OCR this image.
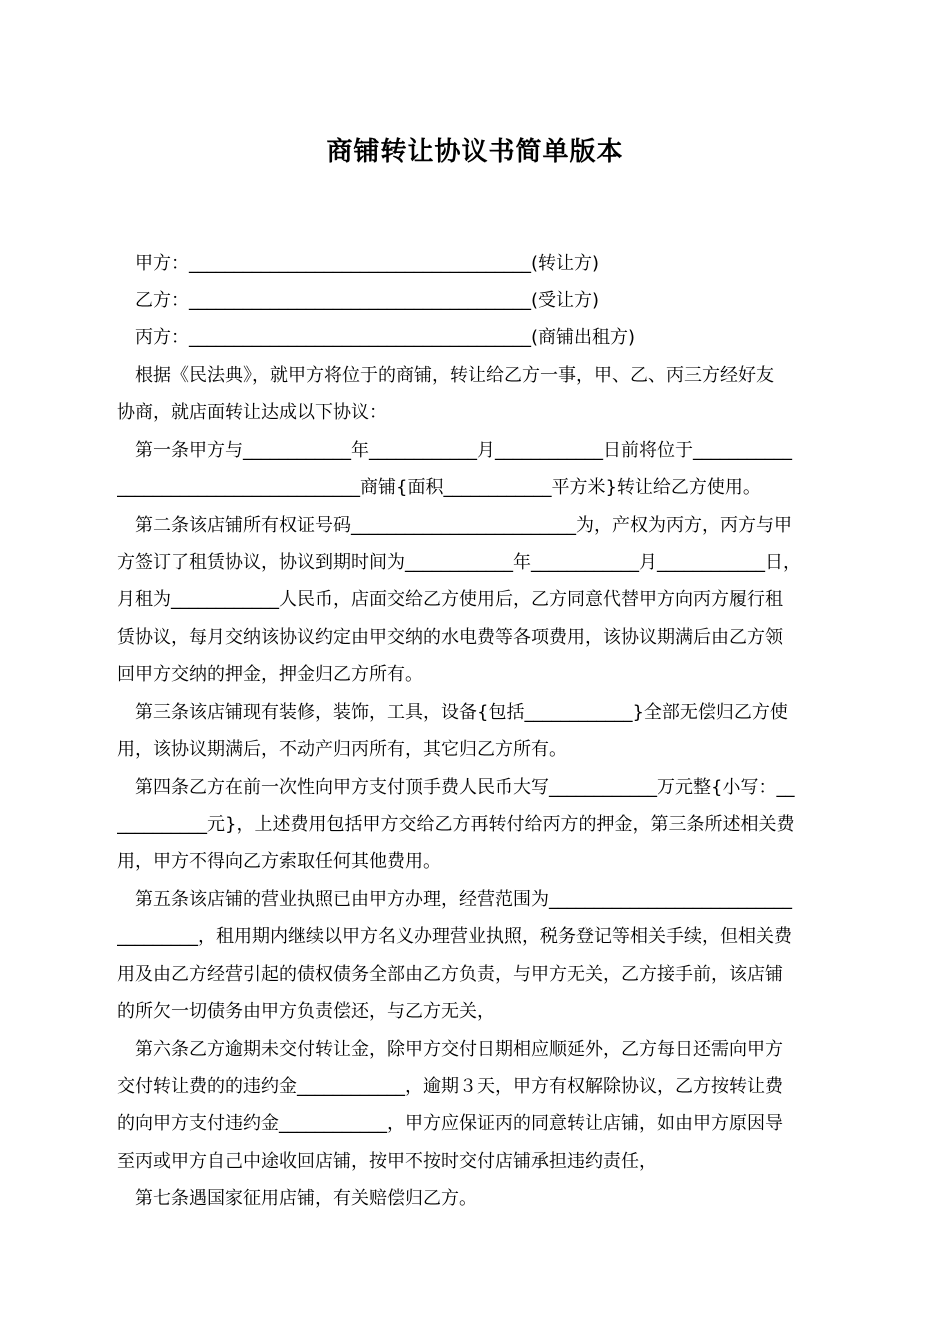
商铺转让协议书简单版本
甲方：______________________________________(转让方)
乙方：______________________________________(受让方)
丙方：______________________________________(商铺出租方)
根据《民法典》，就甲方将位于的商铺，转让给乙方一事，甲、乙、丙三方经好友
协商，就店面转让达成以下协议：
第一条甲方与____________年____________月____________日前将位于___________
___________________________商铺{面积____________平方米}转让给乙方使用。
第二条该店铺所有权证号码_________________________为，产权为丙方，丙方与甲
方签订了租赁协议，协议到期时间为____________年____________月____________日，
月租为____________人民币，店面交给乙方使用后，乙方同意代替甲方向丙方履行租
赁协议，每月交纳该协议约定由甲交纳的水电费等各项费用，该协议期满后由乙方领
回甲方交纳的押金，押金归乙方所有。
第三条该店铺现有装修，装饰，工具，设备{包括____________}全部无偿归乙方使
用，该协议期满后，不动产归丙所有，其它归乙方所有。
第四条乙方在前一次性向甲方支付顶手费人民币大写____________万元整{小写：__
__________元}，上述费用包括甲方交给乙方再转付给丙方的押金，第三条所述相关费
用，甲方不得向乙方索取任何其他费用。
第五条该店铺的营业执照已由甲方办理，经营范围为___________________________
_________，租用期内继续以甲方名义办理营业执照，税务登记等相关手续，但相关费
用及由乙方经营引起的债权债务全部由乙方负责，与甲方无关，乙方接手前，该店铺
的所欠一切债务由甲方负责偿还，与乙方无关，
第六条乙方逾期未交付转让金，除甲方交付日期相应顺延外，乙方每日还需向甲方
交付转让费的的违约金____________，逾期３天，甲方有权解除协议，乙方按转让费
的向甲方支付违约金____________，甲方应保证丙的同意转让店铺，如由甲方原因导
至丙或甲方自己中途收回店铺，按甲不按时交付店铺承担违约责任，
第七条遇国家征用店铺，有关赔偿归乙方。
